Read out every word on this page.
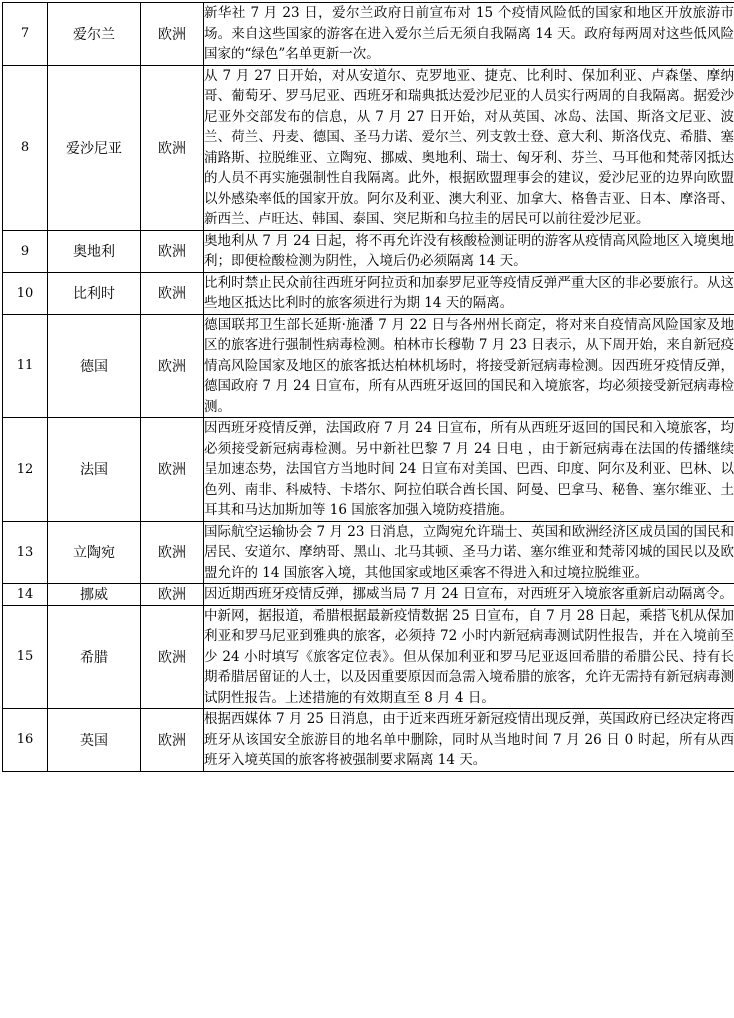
7	爱尔兰	欧洲	新华社 7 月 23 日，爱尔兰政府日前宣布对 15 个疫情风险低的国家和地区开放旅游市场。来自这些国家的游客在进入爱尔兰后无须自我隔离 14 天。政府每两周对这些低风险国家的“绿色”名单更新一次。
8	爱沙尼亚	欧洲	从 7 月 27 日开始，对从安道尔、克罗地亚、捷克、比利时、保加利亚、卢森堡、摩纳哥、葡萄牙、罗马尼亚、西班牙和瑞典抵达爱沙尼亚的人员实行两周的自我隔离。据爱沙尼亚外交部发布的信息，从 7 月 27 日开始，对从英国、冰岛、法国、斯洛文尼亚、波兰、荷兰、丹麦、德国、圣马力诺、爱尔兰、列支敦士登、意大利、斯洛伐克、希腊、塞浦路斯、拉脱维亚、立陶宛、挪威、奥地利、瑞士、匈牙利、芬兰、马耳他和梵蒂冈抵达的人员不再实施强制性自我隔离。此外，根据欧盟理事会的建议，爱沙尼亚的边界向欧盟以外感染率低的国家开放。阿尔及利亚、澳大利亚、加拿大、格鲁吉亚、日本、摩洛哥、新西兰、卢旺达、韩国、泰国、突尼斯和乌拉圭的居民可以前往爱沙尼亚。
9	奥地利	欧洲	奥地利从 7 月 24 日起，将不再允许没有核酸检测证明的游客从疫情高风险地区入境奥地利；即便检酸检测为阴性，入境后仍必须隔离 14 天。
10	比利时	欧洲	比利时禁止民众前往西班牙阿拉贡和加泰罗尼亚等疫情反弹严重大区的非必要旅行。从这些地区抵达比利时的旅客须进行为期 14 天的隔离。
11	德国	欧洲	德国联邦卫生部长延斯·施潘 7 月 22 日与各州州长商定，将对来自疫情高风险国家及地区的旅客进行强制性病毒检测。柏林市长穆勒 7 月 23 日表示，从下周开始，来自新冠疫情高风险国家及地区的旅客抵达柏林机场时，将接受新冠病毒检测。因西班牙疫情反弹，德国政府 7 月 24 日宣布，所有从西班牙返回的国民和入境旅客，均必须接受新冠病毒检测。
12	法国	欧洲	因西班牙疫情反弹，法国政府 7 月 24 日宣布，所有从西班牙返回的国民和入境旅客，均必须接受新冠病毒检测。另中新社巴黎 7 月 24 日电 ，由于新冠病毒在法国的传播继续呈加速态势，法国官方当地时间 24 日宣布对美国、巴西、印度、阿尔及利亚、巴林、以色列、南非、科威特、卡塔尔、阿拉伯联合酋长国、阿曼、巴拿马、秘鲁、塞尔维亚、土耳其和马达加斯加等 16 国旅客加强入境防疫措施。
13	立陶宛	欧洲	国际航空运输协会 7 月 23 日消息，立陶宛允许瑞士、英国和欧洲经济区成员国的国民和居民、安道尔、摩纳哥、黑山、北马其顿、圣马力诺、塞尔维亚和梵蒂冈城的国民以及欧盟允许的 14 国旅客入境，其他国家或地区乘客不得进入和过境拉脱维亚。
14	挪威	欧洲	因近期西班牙疫情反弹，挪威当局 7 月 24 日宣布，对西班牙入境旅客重新启动隔离令。
15	希腊	欧洲	中新网，据报道，希腊根据最新疫情数据 25 日宣布，自 7 月 28 日起，乘搭飞机从保加利亚和罗马尼亚到雅典的旅客，必须持 72 小时内新冠病毒测试阴性报告，并在入境前至少 24 小时填写《旅客定位表》。但从保加利亚和罗马尼亚返回希腊的希腊公民、持有长期希腊居留证的人士，以及因重要原因而急需入境希腊的旅客，允许无需持有新冠病毒测试阴性报告。上述措施的有效期直至 8 月 4 日。
16	英国	欧洲	根据西媒体 7 月 25 日消息，由于近来西班牙新冠疫情出现反弹，英国政府已经决定将西班牙从该国安全旅游目的地名单中删除，同时从当地时间 7 月 26 日 0 时起，所有从西班牙入境英国的旅客将被强制要求隔离 14 天。
